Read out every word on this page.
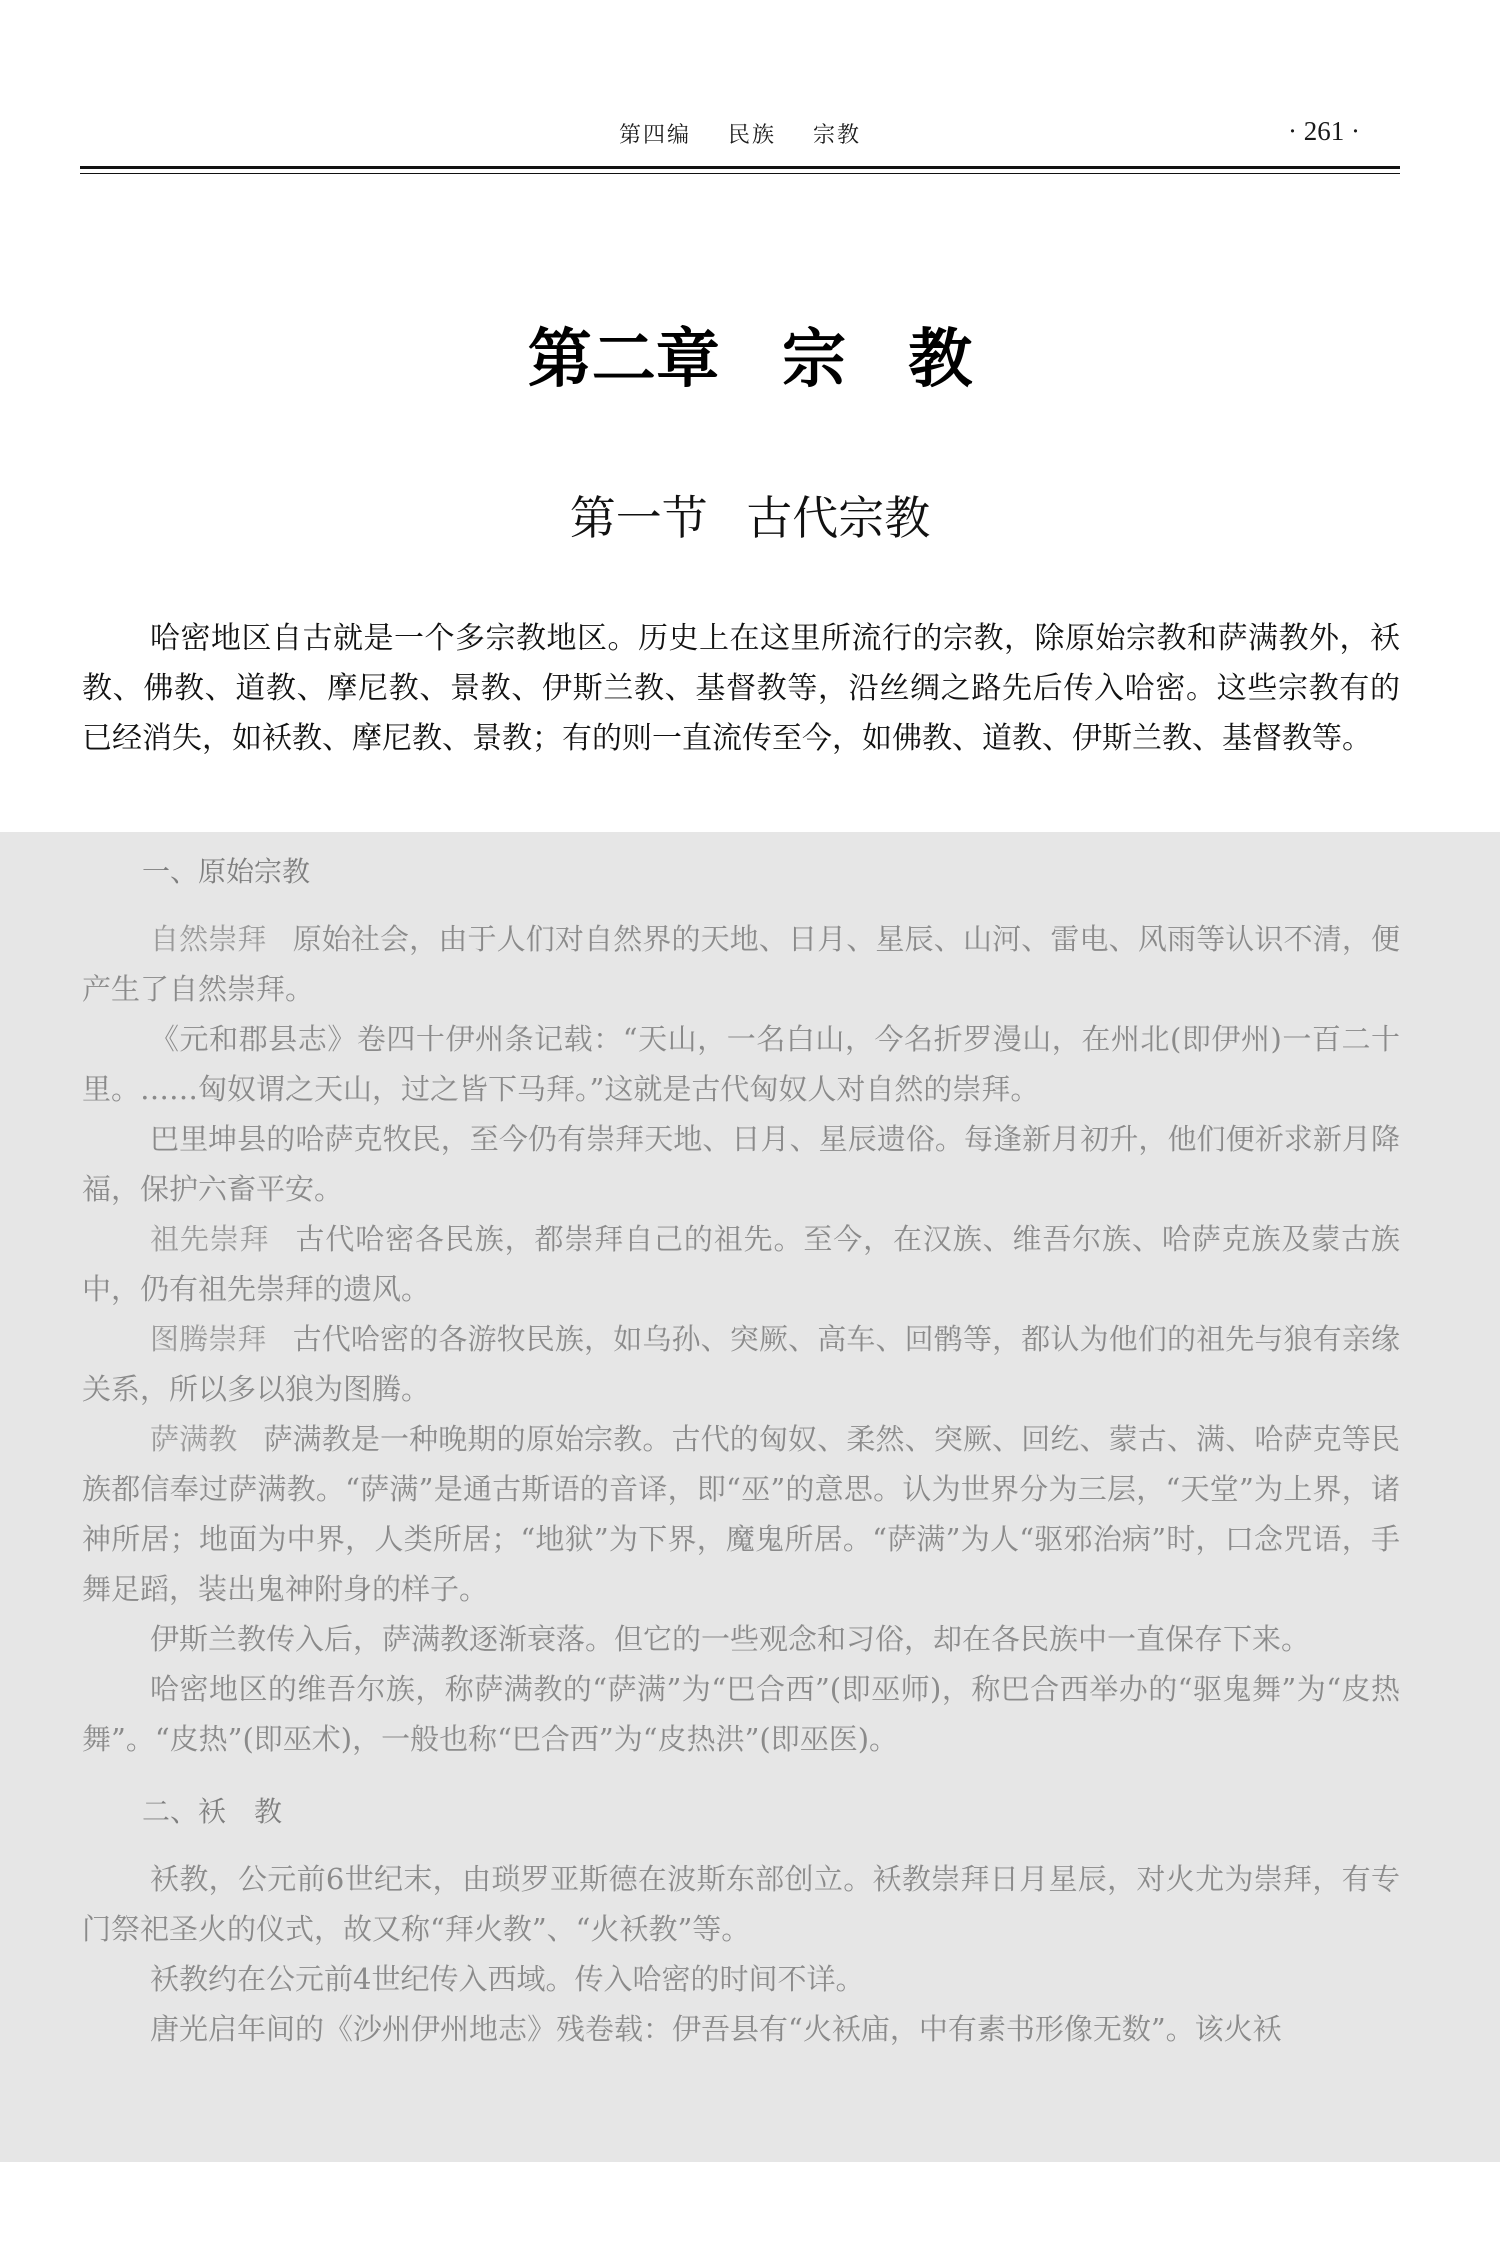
第四编 民族 宗教	· 261 ·
第二章 宗 教
第一节 古代宗教

哈密地区自古就是一个多宗教地区。历史上在这里所流行的宗教，除原始宗教和萨满教外，袄教、佛教、道教、摩尼教、景教、伊斯兰教、基督教等，沿丝绸之路先后传入哈密。这些宗教有的已经消失，如袄教、摩尼教、景教；有的则一直流传至今，如佛教、道教、伊斯兰教、基督教等。

一、原始宗教

自然崇拜 原始社会，由于人们对自然界的天地、日月、星辰、山河、雷电、风雨等认识不清，便产生了自然崇拜。

《元和郡县志》卷四十伊州条记载：“天山，一名白山，今名折罗漫山，在州北(即伊州)一百二十里。……匈奴谓之天山，过之皆下马拜。”这就是古代匈奴人对自然的崇拜。

巴里坤县的哈萨克牧民，至今仍有崇拜天地、日月、星辰遗俗。每逢新月初升，他们便祈求新月降福，保护六畜平安。

祖先崇拜 古代哈密各民族，都崇拜自己的祖先。至今，在汉族、维吾尔族、哈萨克族及蒙古族中，仍有祖先崇拜的遗风。

图腾崇拜 古代哈密的各游牧民族，如乌孙、突厥、高车、回鹘等，都认为他们的祖先与狼有亲缘关系，所以多以狼为图腾。

萨满教 萨满教是一种晚期的原始宗教。古代的匈奴、柔然、突厥、回纥、蒙古、满、哈萨克等民族都信奉过萨满教。“萨满”是通古斯语的音译，即“巫”的意思。认为世界分为三层，“天堂”为上界，诸神所居；地面为中界，人类所居；“地狱”为下界，魔鬼所居。“萨满”为人“驱邪治病”时，口念咒语，手舞足蹈，装出鬼神附身的样子。

伊斯兰教传入后，萨满教逐渐衰落。但它的一些观念和习俗，却在各民族中一直保存下来。

哈密地区的维吾尔族，称萨满教的“萨满”为“巴合西”(即巫师)，称巴合西举办的“驱鬼舞”为“皮热舞”。“皮热”(即巫术)，一般也称“巴合西”为“皮热洪”(即巫医)。

二、袄　教

袄教，公元前6世纪末，由琐罗亚斯德在波斯东部创立。袄教崇拜日月星辰，对火尤为崇拜，有专门祭祀圣火的仪式，故又称“拜火教”、“火袄教”等。

袄教约在公元前4世纪传入西域。传入哈密的时间不详。

唐光启年间的《沙州伊州地志》残卷载：伊吾县有“火袄庙，中有素书形像无数”。该火袄
